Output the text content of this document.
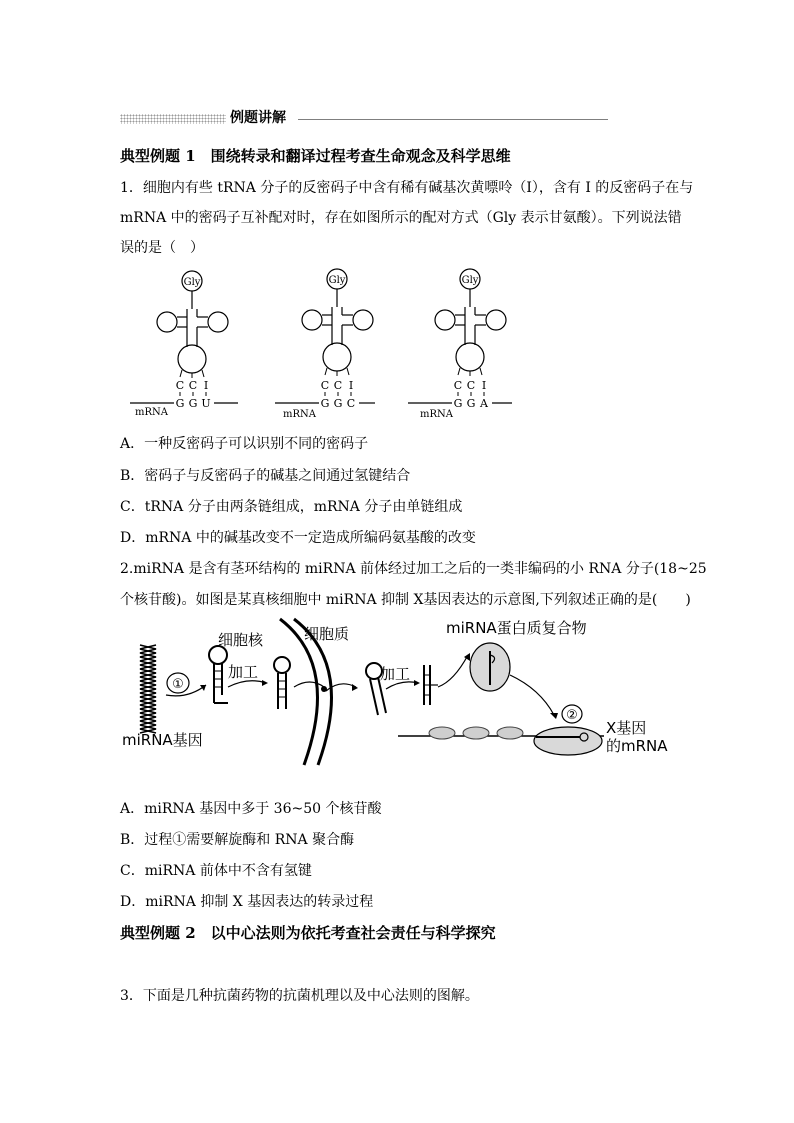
例题讲解
典型例题 1　围绕转录和翻译过程考查生命观念及科学思维
1．细胞内有些 tRNA 分子的反密码子中含有稀有碱基次黄嘌呤（I），含有 I 的反密码子在与
mRNA 中的密码子互补配对时，存在如图所示的配对方式（Gly 表示甘氨酸）。下列说法错
误的是（　）
Gly
C C I
G G U
mRNA
Gly
C C I
G G C
mRNA
Gly
C C I
G G A
mRNA
A．一种反密码子可以识别不同的密码子
B．密码子与反密码子的碱基之间通过氢键结合
C．tRNA 分子由两条链组成，mRNA 分子由单链组成
D．mRNA 中的碱基改变不一定造成所编码氨基酸的改变
2.miRNA 是含有茎环结构的 miRNA 前体经过加工之后的一类非编码的小 RNA 分子(18~25
个核苷酸)。如图是某真核细胞中 miRNA 抑制 X基因表达的示意图,下列叙述正确的是(　　)
miRNA基因
①
加工
细胞核	细胞质
加工
miRNA蛋白质复合物
②
X基因
的mRNA
A．miRNA 基因中多于 36~50 个核苷酸
B．过程①需要解旋酶和 RNA 聚合酶
C．miRNA 前体中不含有氢键
D．miRNA 抑制 X 基因表达的转录过程
典型例题 2　以中心法则为依托考查社会责任与科学探究
3．下面是几种抗菌药物的抗菌机理以及中心法则的图解。
